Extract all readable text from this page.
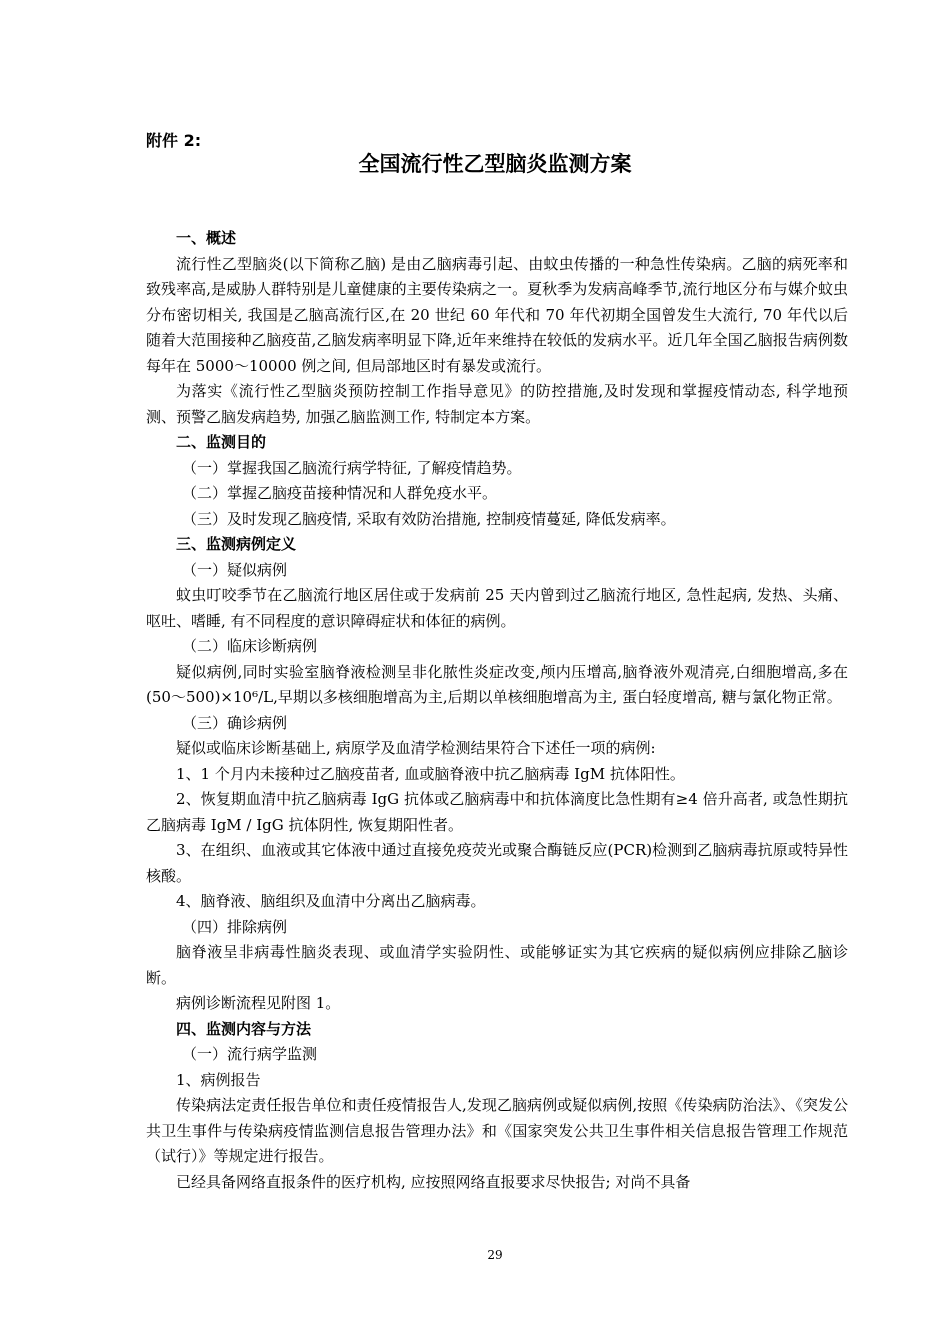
附件 2:
全国流行性乙型脑炎监测方案

一、概述

流行性乙型脑炎(以下简称乙脑) 是由乙脑病毒引起、由蚊虫传播的一种急性传染病。乙脑的病死率和致残率高,是威胁人群特别是儿童健康的主要传染病之一。夏秋季为发病高峰季节,流行地区分布与媒介蚊虫分布密切相关, 我国是乙脑高流行区,在 20 世纪 60 年代和 70 年代初期全国曾发生大流行, 70 年代以后随着大范围接种乙脑疫苗,乙脑发病率明显下降,近年来维持在较低的发病水平。近几年全国乙脑报告病例数每年在 5000～10000 例之间, 但局部地区时有暴发或流行。

为落实《流行性乙型脑炎预防控制工作指导意见》的防控措施,及时发现和掌握疫情动态, 科学地预测、预警乙脑发病趋势, 加强乙脑监测工作, 特制定本方案。

二、监测目的

（一）掌握我国乙脑流行病学特征, 了解疫情趋势。

（二）掌握乙脑疫苗接种情况和人群免疫水平。

（三）及时发现乙脑疫情, 采取有效防治措施, 控制疫情蔓延, 降低发病率。

三、监测病例定义

（一）疑似病例

蚊虫叮咬季节在乙脑流行地区居住或于发病前 25 天内曾到过乙脑流行地区, 急性起病, 发热、头痛、呕吐、嗜睡, 有不同程度的意识障碍症状和体征的病例。

（二）临床诊断病例

疑似病例,同时实验室脑脊液检测呈非化脓性炎症改变,颅内压增高,脑脊液外观清亮,白细胞增高,多在(50～500)×10⁶/L,早期以多核细胞增高为主,后期以单核细胞增高为主, 蛋白轻度增高, 糖与氯化物正常。

（三）确诊病例

疑似或临床诊断基础上, 病原学及血清学检测结果符合下述任一项的病例:

1、1 个月内未接种过乙脑疫苗者, 血或脑脊液中抗乙脑病毒 IgM 抗体阳性。

2、恢复期血清中抗乙脑病毒 IgG 抗体或乙脑病毒中和抗体滴度比急性期有≥4 倍升高者, 或急性期抗乙脑病毒 IgM / IgG 抗体阴性, 恢复期阳性者。

3、在组织、血液或其它体液中通过直接免疫荧光或聚合酶链反应(PCR)检测到乙脑病毒抗原或特异性核酸。

4、脑脊液、脑组织及血清中分离出乙脑病毒。

（四）排除病例

脑脊液呈非病毒性脑炎表现、或血清学实验阴性、或能够证实为其它疾病的疑似病例应排除乙脑诊断。

病例诊断流程见附图 1。

四、监测内容与方法

（一）流行病学监测

1、病例报告

传染病法定责任报告单位和责任疫情报告人,发现乙脑病例或疑似病例,按照《传染病防治法》、《突发公共卫生事件与传染病疫情监测信息报告管理办法》和《国家突发公共卫生事件相关信息报告管理工作规范（试行）》等规定进行报告。

已经具备网络直报条件的医疗机构, 应按照网络直报要求尽快报告; 对尚不具备

29
